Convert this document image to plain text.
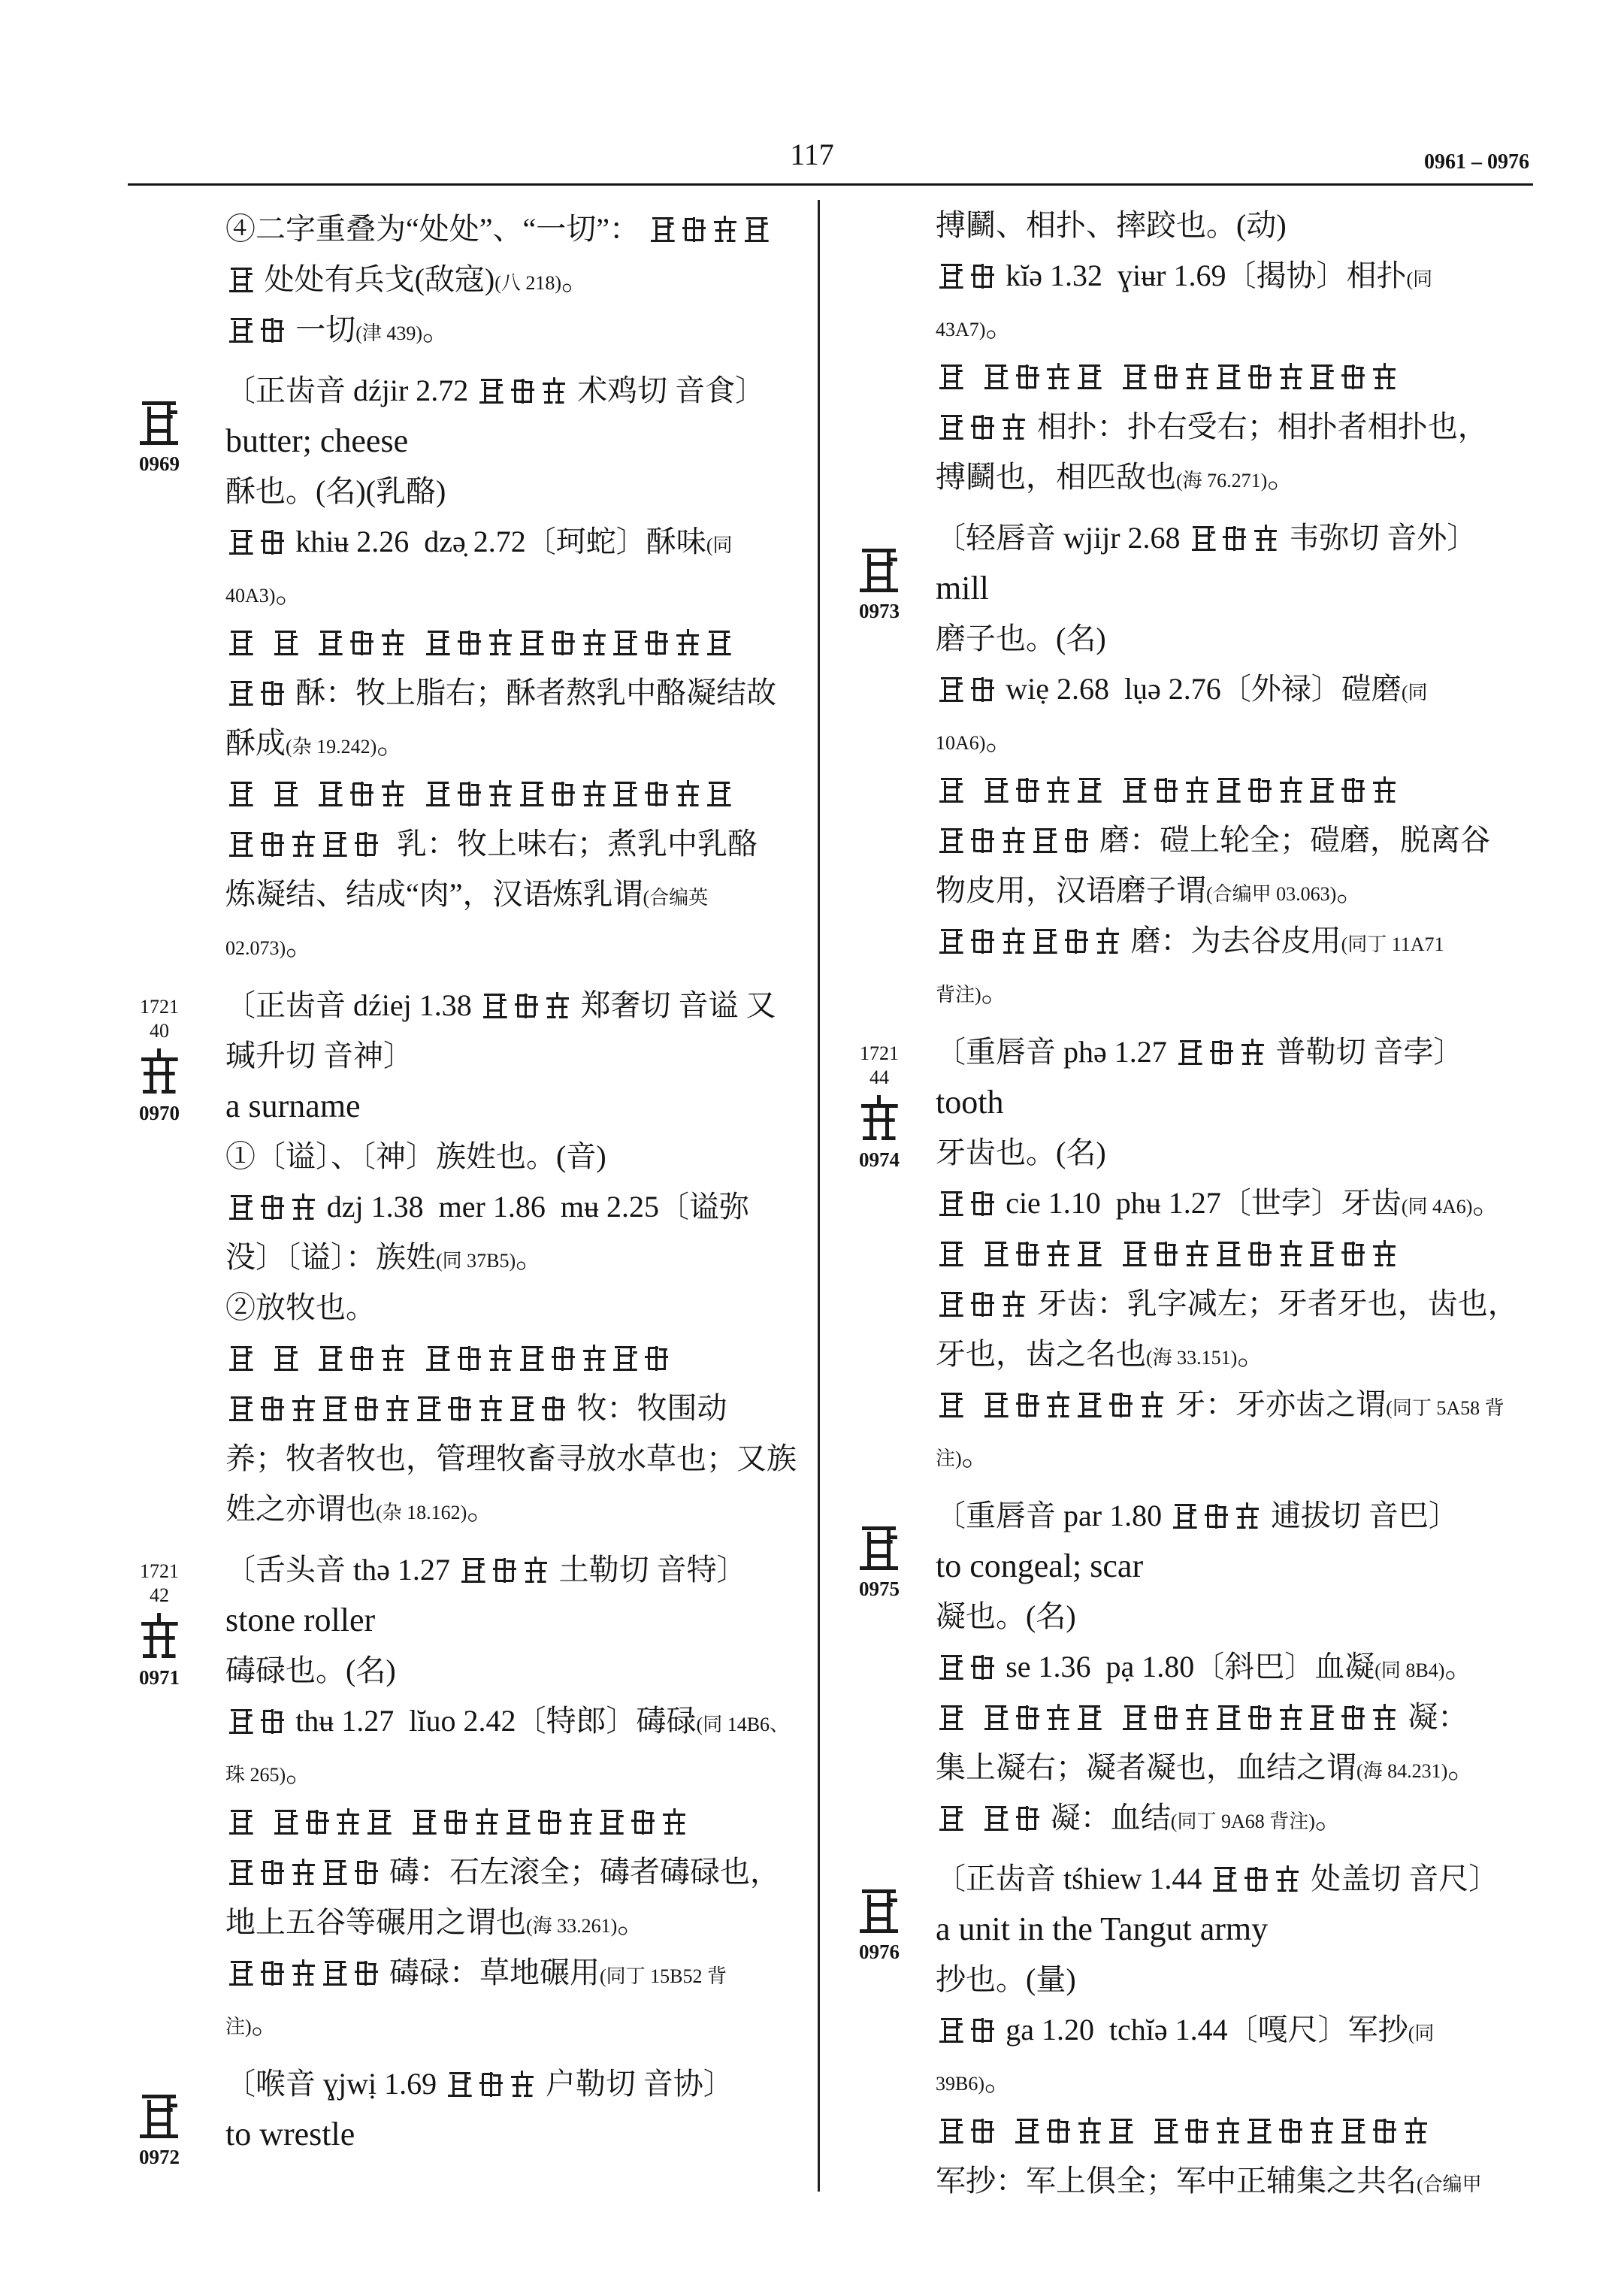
117	0961 – 0976
④二字重叠为“处处”、“一切”：
处处有兵戈(敌寇)(八 218)。
一切(津 439)。
0969
〔正齿音 dźjir 2.72	术鸡切 音食〕
butter; cheese
酥也。(名)(乳酪)
khiʉ 2.26  dzə̣ 2.72〔珂蛇〕酥味(同
40A3)。
酥：牧上脂右；酥者熬乳中酪凝结故
酥成(杂 19.242)。
乳：牧上味右；煮乳中乳酪
炼凝结、结成“肉”，汉语炼乳谓(合编英
02.073)。
1721
40
0970
〔正齿音 dźiej 1.38	郑奢切 音谥 又
瑊升切 音神〕
a surname
①〔谥〕、〔神〕族姓也。(音)
dzj 1.38  mer 1.86  mʉ 2.25〔谥弥
没〕〔谥〕：族姓(同 37B5)。
②放牧也。
牧：牧围动
养；牧者牧也，管理牧畜寻放水草也；又族
姓之亦谓也(杂 18.162)。
1721
42
0971
〔舌头音 thə 1.27	土勒切 音特〕
stone roller
碡碌也。(名)
thʉ 1.27  lĭuo 2.42〔特郎〕碡碌(同 14B6、
珠 265)。
碡：石左滚全；碡者碡碌也，
地上五谷等碾用之谓也(海 33.261)。
碡碌：草地碾用(同丁 15B52 背
注)。
0972
〔喉音 ɣjwị 1.69	户勒切 音协〕
to wrestle
搏鬬、相扑、摔跤也。(动)
kĭə 1.32  ɣiʉr 1.69〔揭协〕相扑(同
43A7)。
相扑：扑右受右；相扑者相扑也，
搏鬬也，相匹敌也(海 76.271)。
0973
〔轻唇音 wjijr 2.68	韦弥切 音外〕
mill
磨子也。(名)
wiẹ 2.68  lụə 2.76〔外禄〕磑磨(同
10A6)。
磨：磑上轮全；磑磨，脱离谷
物皮用，汉语磨子谓(合编甲 03.063)。
磨：为去谷皮用(同丁 11A71
背注)。
1721
44
0974
〔重唇音 phə 1.27	普勒切 音孛〕
tooth
牙齿也。(名)
cie 1.10  phʉ 1.27〔世孛〕牙齿(同 4A6)。
牙齿：乳字减左；牙者牙也，齿也，
牙也，齿之名也(海 33.151)。
牙：牙亦齿之谓(同丁 5A58 背
注)。
0975
〔重唇音 par 1.80	逋拔切 音巴〕
to congeal; scar
凝也。(名)
se 1.36  pạ 1.80〔斜巴〕血凝(同 8B4)。
凝：
集上凝右；凝者凝也，血结之谓(海 84.231)。
凝：血结(同丁 9A68 背注)。
0976
〔正齿音 tśhiew 1.44	处盖切 音尺〕
a unit in the Tangut army
抄也。(量)
ga 1.20  tchĭə 1.44〔嘎尺〕军抄(同
39B6)。
军抄：军上俱全；军中正辅集之共名(合编甲
